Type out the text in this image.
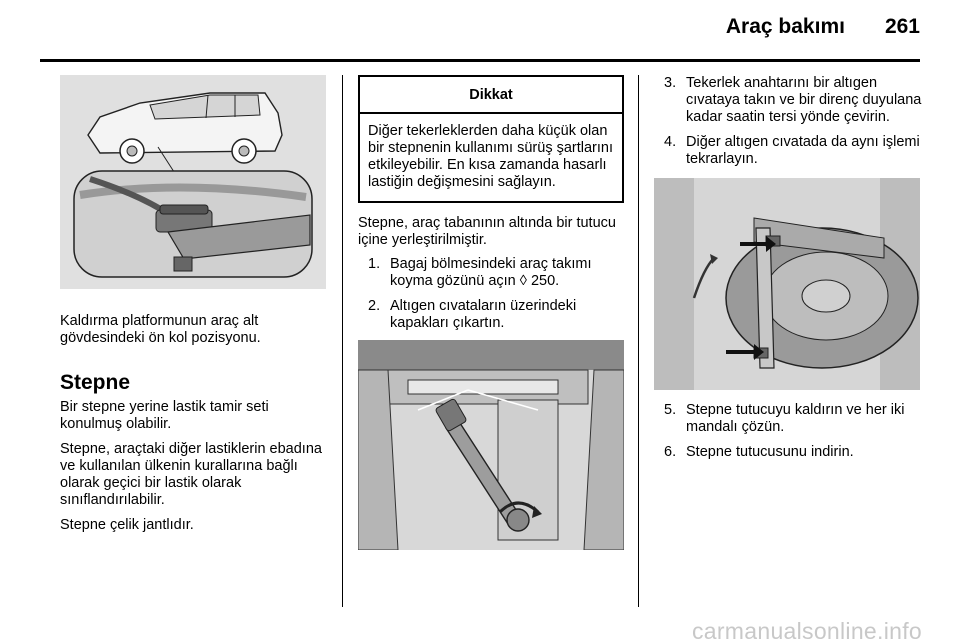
Araç bakımı 261

Kaldırma platformunun araç alt gövdesindeki ön kol pozisyonu.

Stepne

Bir stepne yerine lastik tamir seti konulmuş olabilir.

Stepne, araçtaki diğer lastiklerin ebadına ve kullanılan ülkenin kurallarına bağlı olarak geçici bir lastik olarak sınıflandırılabilir.

Stepne çelik jantlıdır.

Dikkat
Diğer tekerleklerden daha küçük olan bir stepnenin kullanımı sürüş şartlarını etkileyebilir. En kısa zamanda hasarlı lastiğin değişmesini sağlayın.

Stepne, araç tabanının altında bir tutucu içine yerleştirilmiştir.

1. Bagaj bölmesindeki araç takımı koyma gözünü açın ◊ 250.
2. Altıgen cıvataların üzerindeki kapakları çıkartın.
3. Tekerlek anahtarını bir altıgen cıvataya takın ve bir direnç duyulana kadar saatin tersi yönde çevirin.
4. Diğer altıgen cıvatada da aynı işlemi tekrarlayın.
5. Stepne tutucuyu kaldırın ve her iki mandalı çözün.
6. Stepne tutucusunu indirin.
carmanualsonline.info
